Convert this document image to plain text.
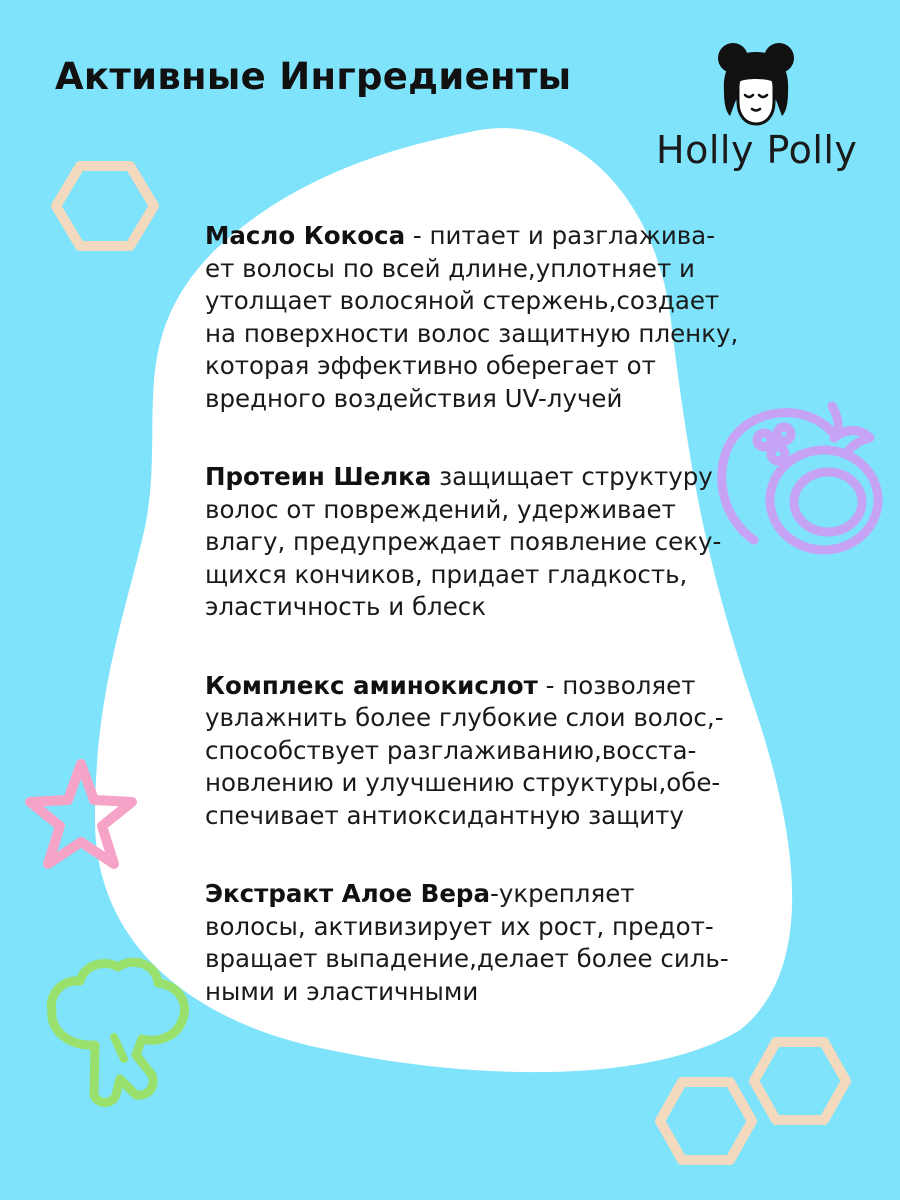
Активные Ингредиенты
Holly Polly

Масло Кокоса - питает и разглажива-ет волосы по всей длине,уплотняет и утолщает волосяной стержень,создает на поверхности волос защитную пленку, которая эффективно оберегает от вредного воздействия UV-лучей

Протеин Шелка защищает структуру волос от повреждений, удерживает влагу, предупреждает появление секу-щихся кончиков, придает гладкость, эластичность и блеск

Комплекс аминокислот - позволяет увлажнить более глубокие слои волос,-способствует разглаживанию,восста-новлению и улучшению структуры,обе-спечивает антиоксидантную защиту

Экстракт Алое Вера-укрепляет волосы, активизирует их рост, предот-вращает выпадение,делает более силь-ными и эластичными
